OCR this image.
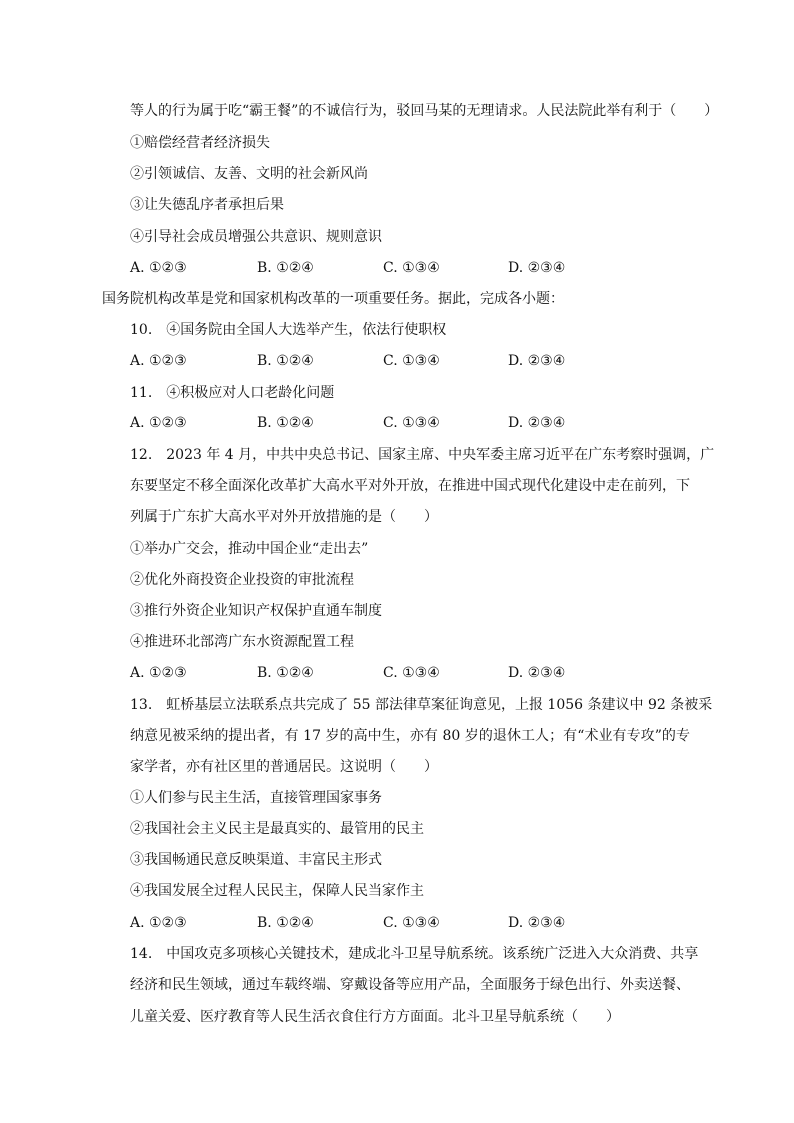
等人的行为属于吃“霸王餐”的不诚信行为，驳回马某的无理请求。人民法院此举有利于（　　）
①赔偿经营者经济损失
②引领诚信、友善、文明的社会新风尚
③让失德乱序者承担后果
④引导社会成员增强公共意识、规则意识
A. ①②③	B. ①②④	C. ①③④	D. ②③④
国务院机构改革是党和国家机构改革的一项重要任务。据此，完成各小题：
10.　④国务院由全国人大选举产生，依法行使职权
A. ①②③	B. ①②④	C. ①③④	D. ②③④
11.　④积极应对人口老龄化问题
A. ①②③	B. ①②④	C. ①③④	D. ②③④
12.　2023 年 4 月，中共中央总书记、国家主席、中央军委主席习近平在广东考察时强调，广
东要坚定不移全面深化改革扩大高水平对外开放，在推进中国式现代化建设中走在前列，下
列属于广东扩大高水平对外开放措施的是（　　）
①举办广交会，推动中国企业“走出去”
②优化外商投资企业投资的审批流程
③推行外资企业知识产权保护直通车制度
④推进环北部湾广东水资源配置工程
A. ①②③	B. ①②④	C. ①③④	D. ②③④
13.　虹桥基层立法联系点共完成了 55 部法律草案征询意见，上报 1056 条建议中 92 条被采
纳意见被采纳的提出者，有 17 岁的高中生，亦有 80 岁的退休工人；有“术业有专攻”的专
家学者，亦有社区里的普通居民。这说明（　　）
①人们参与民主生活，直接管理国家事务
②我国社会主义民主是最真实的、最管用的民主
③我国畅通民意反映渠道、丰富民主形式
④我国发展全过程人民民主，保障人民当家作主
A. ①②③	B. ①②④	C. ①③④	D. ②③④
14.　中国攻克多项核心关键技术，建成北斗卫星导航系统。该系统广泛进入大众消费、共享
经济和民生领域，通过车载终端、穿戴设备等应用产品，全面服务于绿色出行、外卖送餐、
儿童关爱、医疗教育等人民生活衣食住行方方面面。北斗卫星导航系统（　　）
